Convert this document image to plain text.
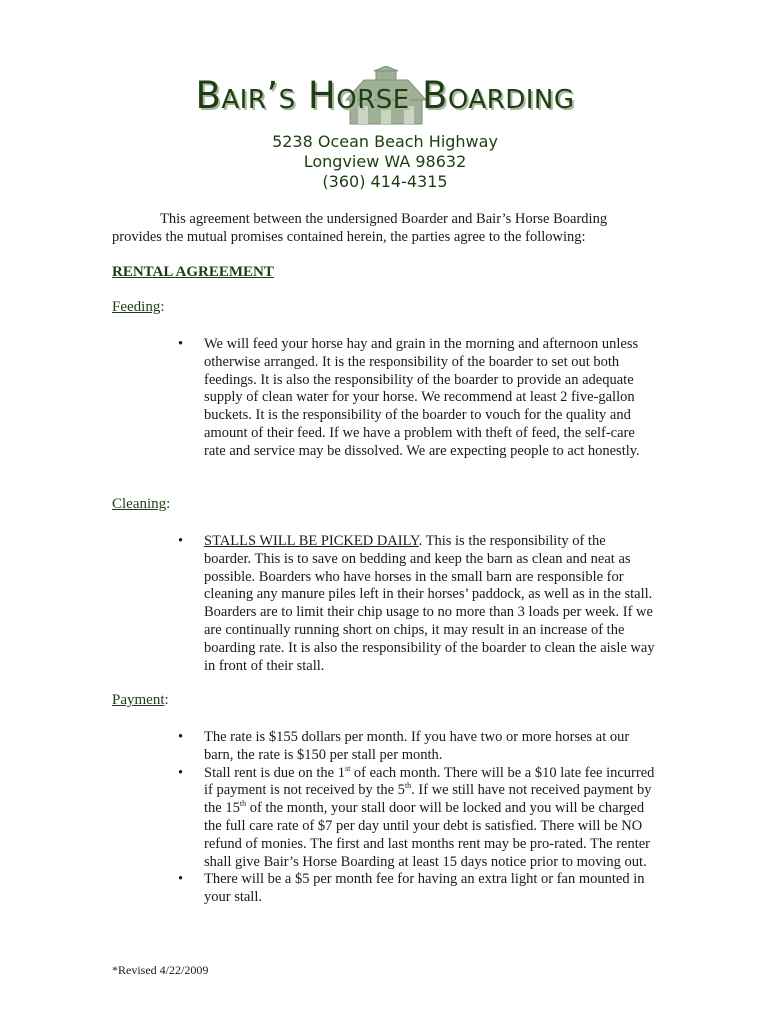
Bair’s Horse Boarding
5238 Ocean Beach Highway
Longview WA 98632
(360) 414-4315
This agreement between the undersigned Boarder and Bair’s Horse Boarding provides the mutual promises contained herein, the parties agree to the following:
RENTAL AGREEMENT
Feeding:
• We will feed your horse hay and grain in the morning and afternoon unless otherwise arranged. It is the responsibility of the boarder to set out both feedings. It is also the responsibility of the boarder to provide an adequate supply of clean water for your horse. We recommend at least 2 five-gallon buckets. It is the responsibility of the boarder to vouch for the quality and amount of their feed. If we have a problem with theft of feed, the self-care rate and service may be dissolved. We are expecting people to act honestly.
Cleaning:
• STALLS WILL BE PICKED DAILY. This is the responsibility of the boarder. This is to save on bedding and keep the barn as clean and neat as possible. Boarders who have horses in the small barn are responsible for cleaning any manure piles left in their horses’ paddock, as well as in the stall. Boarders are to limit their chip usage to no more than 3 loads per week. If we are continually running short on chips, it may result in an increase of the boarding rate. It is also the responsibility of the boarder to clean the aisle way in front of their stall.
Payment:
• The rate is $155 dollars per month. If you have two or more horses at our barn, the rate is $150 per stall per month.
• Stall rent is due on the 1st of each month. There will be a $10 late fee incurred if payment is not received by the 5th. If we still have not received payment by the 15th of the month, your stall door will be locked and you will be charged the full care rate of $7 per day until your debt is satisfied. There will be NO refund of monies. The first and last months rent may be pro-rated. The renter shall give Bair’s Horse Boarding at least 15 days notice prior to moving out.
• There will be a $5 per month fee for having an extra light or fan mounted in your stall.
*Revised 4/22/2009
